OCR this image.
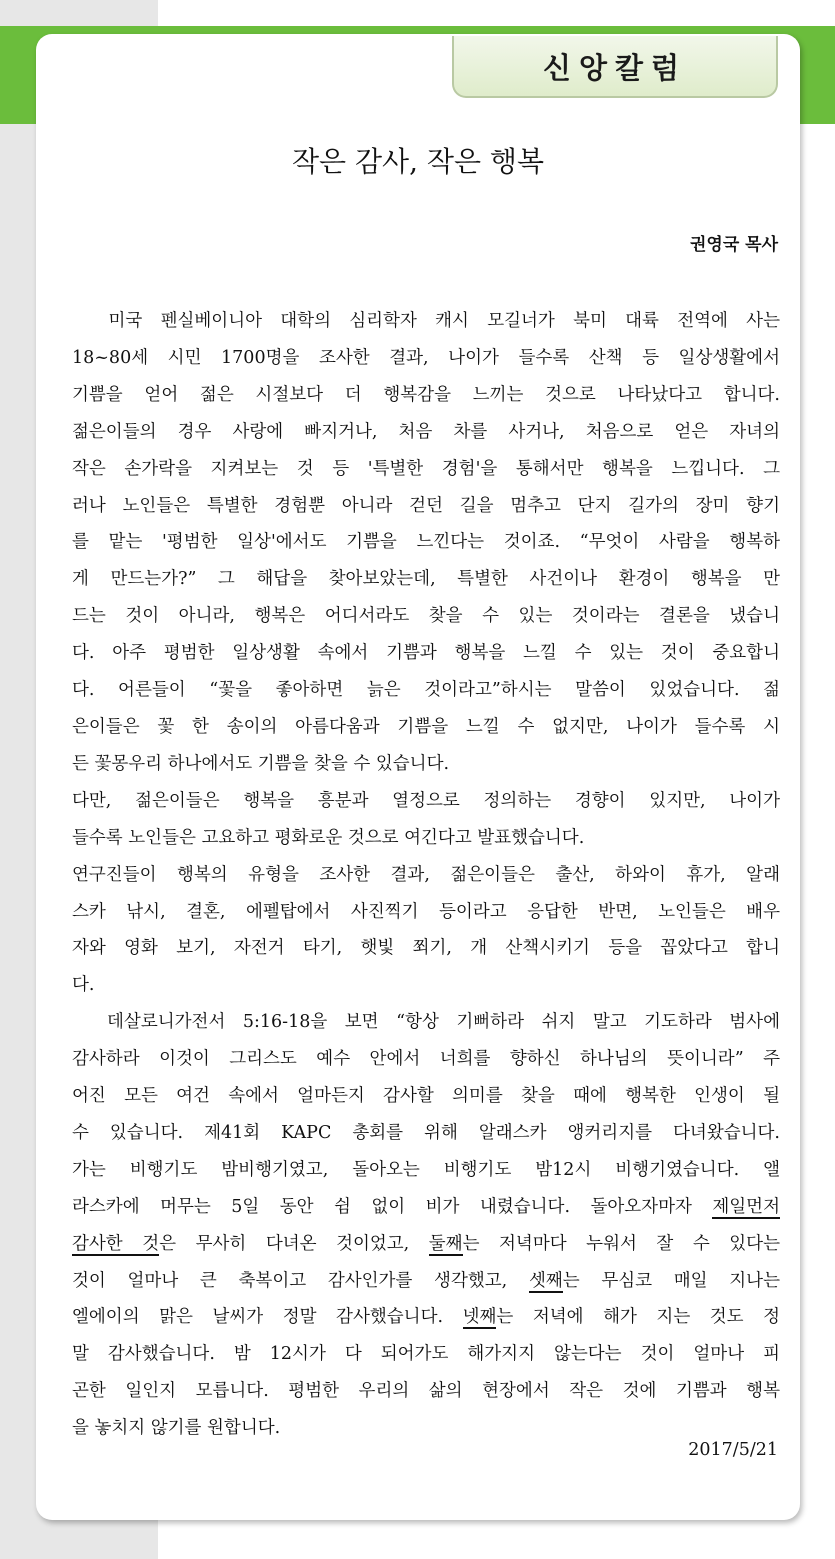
신앙칼럼
작은 감사, 작은 행복
권영국 목사
미국 펜실베이니아 대학의 심리학자 캐시 모길너가 북미 대륙 전역에 사는
18~80세 시민 1700명을 조사한 결과, 나이가 들수록 산책 등 일상생활에서
기쁨을 얻어 젊은 시절보다 더 행복감을 느끼는 것으로 나타났다고 합니다.
젊은이들의 경우 사랑에 빠지거나, 처음 차를 사거나, 처음으로 얻은 자녀의
작은 손가락을 지켜보는 것 등 '특별한 경험'을 통해서만 행복을 느낍니다. 그
러나 노인들은 특별한 경험뿐 아니라 걷던 길을 멈추고 단지 길가의 장미 향기
를 맡는 '평범한 일상'에서도 기쁨을 느낀다는 것이죠. “무엇이 사람을 행복하
게 만드는가?” 그 해답을 찾아보았는데, 특별한 사건이나 환경이 행복을 만
드는 것이 아니라, 행복은 어디서라도 찾을 수 있는 것이라는 결론을 냈습니
다. 아주 평범한 일상생활 속에서 기쁨과 행복을 느낄 수 있는 것이 중요합니
다. 어른들이 “꽃을 좋아하면 늙은 것이라고”하시는 말씀이 있었습니다. 젊
은이들은 꽃 한 송이의 아름다움과 기쁨을 느낄 수 없지만, 나이가 들수록 시
든 꽃몽우리 하나에서도 기쁨을 찾을 수 있습니다.
다만, 젊은이들은 행복을 흥분과 열정으로 정의하는 경향이 있지만, 나이가
들수록 노인들은 고요하고 평화로운 것으로 여긴다고 발표했습니다.
연구진들이 행복의 유형을 조사한 결과, 젊은이들은 출산, 하와이 휴가, 알래
스카 낚시, 결혼, 에펠탑에서 사진찍기 등이라고 응답한 반면, 노인들은 배우
자와 영화 보기, 자전거 타기, 햇빛 쬐기, 개 산책시키기 등을 꼽았다고 합니
다.
데살로니가전서 5:16-18을 보면 “항상 기뻐하라 쉬지 말고 기도하라 범사에
감사하라 이것이 그리스도 예수 안에서 너희를 향하신 하나님의 뜻이니라” 주
어진 모든 여건 속에서 얼마든지 감사할 의미를 찾을 때에 행복한 인생이 될
수 있습니다. 제41회 KAPC 총회를 위해 알래스카 앵커리지를 다녀왔습니다.
가는 비행기도 밤비행기였고, 돌아오는 비행기도 밤12시 비행기였습니다. 앨
라스카에 머무는 5일 동안 쉼 없이 비가 내렸습니다. 돌아오자마자 제일먼저
감사한 것은 무사히 다녀온 것이었고, 둘째는 저녁마다 누워서 잘 수 있다는
것이 얼마나 큰 축복이고 감사인가를 생각했고, 셋째는 무심코 매일 지나는
엘에이의 맑은 날씨가 정말 감사했습니다. 넷째는 저녁에 해가 지는 것도 정
말 감사했습니다. 밤 12시가 다 되어가도 해가지지 않는다는 것이 얼마나 피
곤한 일인지 모릅니다. 평범한 우리의 삶의 현장에서 작은 것에 기쁨과 행복
을 놓치지 않기를 원합니다.
2017/5/21
